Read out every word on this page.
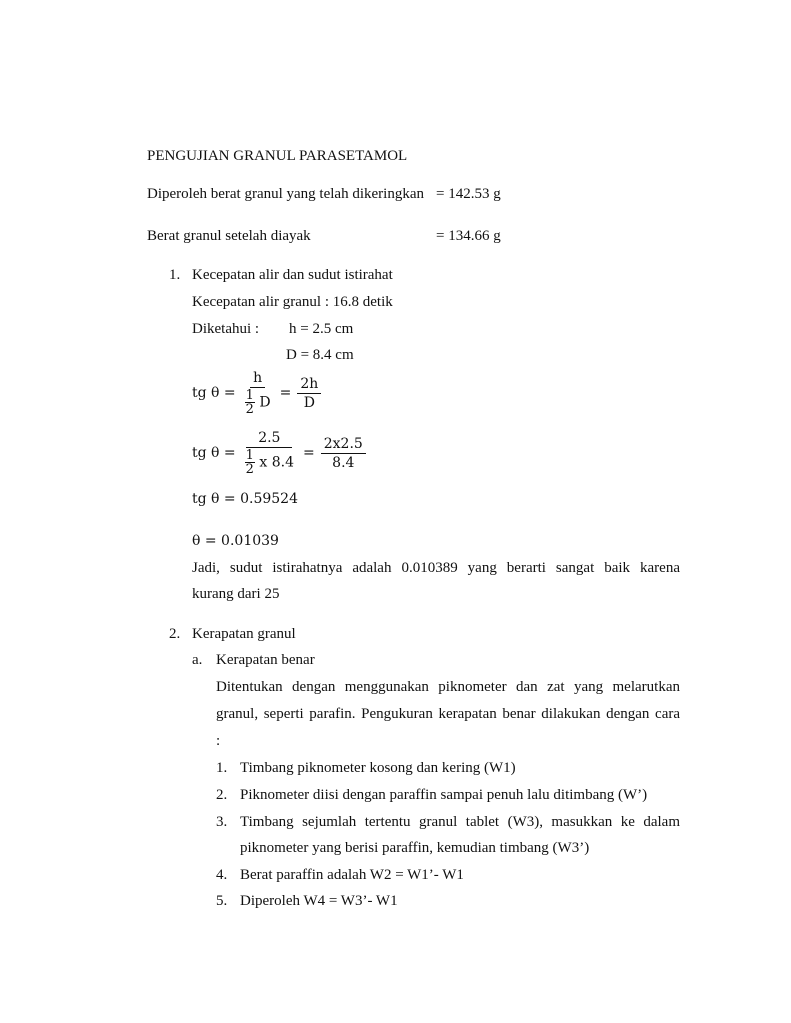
PENGUJIAN GRANUL PARASETAMOL
Diperoleh berat granul yang telah dikeringkan = 142.53 g
Berat granul setelah diayak	= 134.66 g
1. Kecepatan alir dan sudut istirahat
Kecepatan alir granul : 16.8 detik
Diketahui : h = 2.5 cm
D = 8.4 cm
tg $\theta = \frac{h}{\frac{1}{2} D} = \frac{2h}{D}$
tg $\theta = \frac{2.5}{\frac{1}{2} x 8.4} = \frac{2x2.5}{8.4}$
tg θ = 0.59524
θ = 0.01039
Jadi, sudut istirahatnya adalah 0.010389 yang berarti sangat baik karena
kurang dari 25
2. Kerapatan granul
a. Kerapatan benar
Ditentukan dengan menggunakan piknometer dan zat yang melarutkan
granul, seperti parafin. Pengukuran kerapatan benar dilakukan dengan cara
:
1. Timbang piknometer kosong dan kering (W1)
2. Piknometer diisi dengan paraffin sampai penuh lalu ditimbang (W’)
3. Timbang sejumlah tertentu granul tablet (W3), masukkan ke dalam
piknometer yang berisi paraffin, kemudian timbang (W3’)
4. Berat paraffin adalah W2 = W1’- W1
5. Diperoleh W4 = W3’- W1
